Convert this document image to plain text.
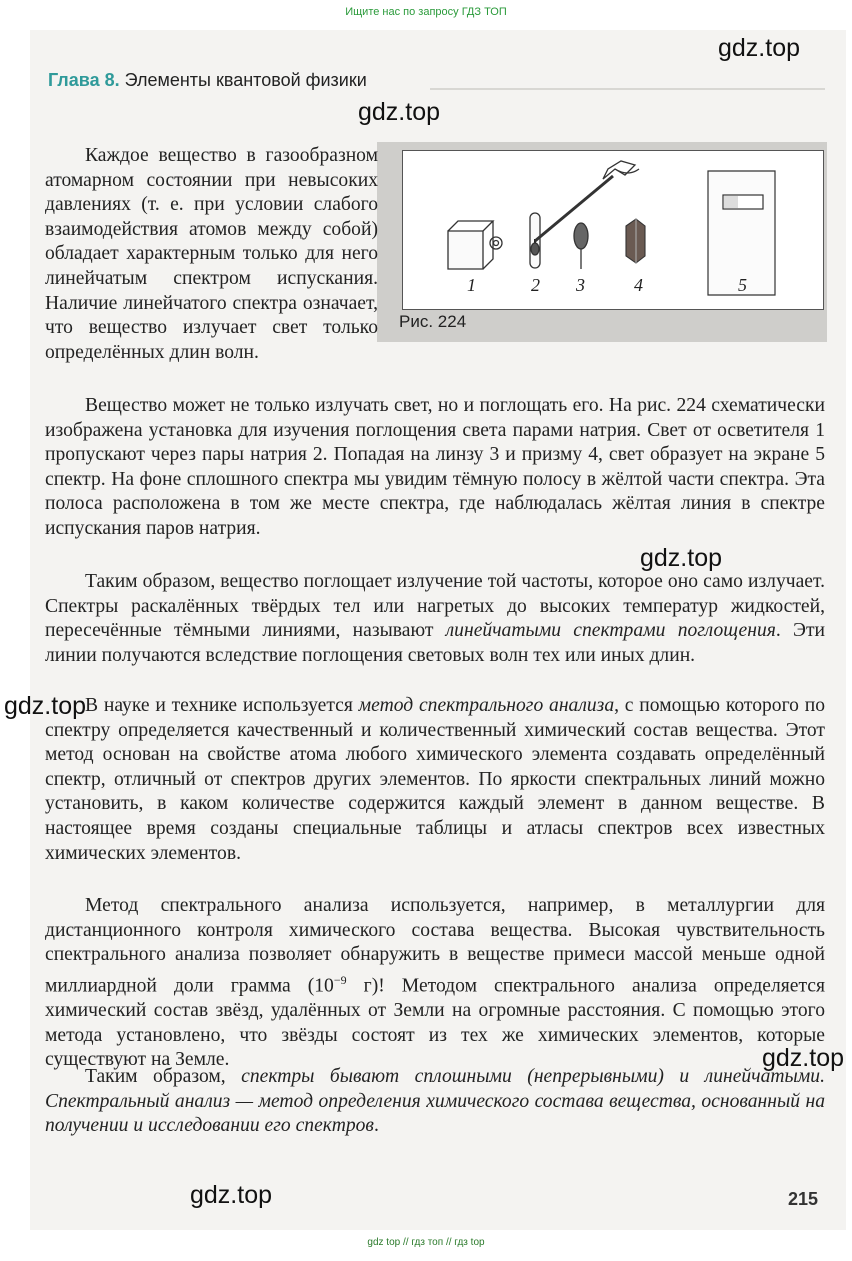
Ищите нас по запросу ГДЗ ТОП
Глава 8. Элементы квантовой физики
1	2 3	4	5
Рис. 224

Каждое вещество в газообразном атомарном состоянии при невысоких давлениях (т. е. при условии слабого взаимодействия атомов между собой) обладает характерным только для него линейчатым спектром испускания. Наличие линейчатого спектра означает, что вещество излучает свет только определённых длин волн.

Вещество может не только излучать свет, но и поглощать его. На рис. 224 схематически изображена установка для изучения поглощения света парами натрия. Свет от осветителя 1 пропускают через пары натрия 2. Попадая на линзу 3 и призму 4, свет образует на экране 5 спектр. На фоне сплошного спектра мы увидим тёмную полосу в жёлтой части спектра. Эта полоса расположена в том же месте спектра, где наблюдалась жёлтая линия в спектре испускания паров натрия.

Таким образом, вещество поглощает излучение той частоты, которое оно само излучает. Спектры раскалённых твёрдых тел или нагретых до высоких температур жидкостей, пересечённые тёмными линиями, называют линейчатыми спектрами поглощения. Эти линии получаются вследствие поглощения световых волн тех или иных длин.

В науке и технике используется метод спектрального анализа, с помощью которого по спектру определяется качественный и количественный химический состав вещества. Этот метод основан на свойстве атома любого химического элемента создавать определённый спектр, отличный от спектров других элементов. По яркости спектральных линий можно установить, в каком количестве содержится каждый элемент в данном веществе. В настоящее время созданы специальные таблицы и атласы спектров всех известных химических элементов.

Метод спектрального анализа используется, например, в металлургии для дистанционного контроля химического состава вещества. Высокая чувствительность спектрального анализа позволяет обнаружить в веществе примеси массой меньше одной миллиардной доли грамма ($10^{-9}$ г)! Методом спектрального анализа определяется химический состав звёзд, удалённых от Земли на огромные расстояния. С помощью этого метода установлено, что звёзды состоят из тех же химических элементов, которые существуют на Земле.

Таким образом, спектры бывают сплошными (непрерывными) и линейчатыми. Спектральный анализ — метод определения химического состава вещества, основанный на получении и исследовании его спектров.

215
gdz.top
gdz.top
gdz.top
gdz.top
gdz.top
gdz.top
gdz top // гдз топ // гдз top
